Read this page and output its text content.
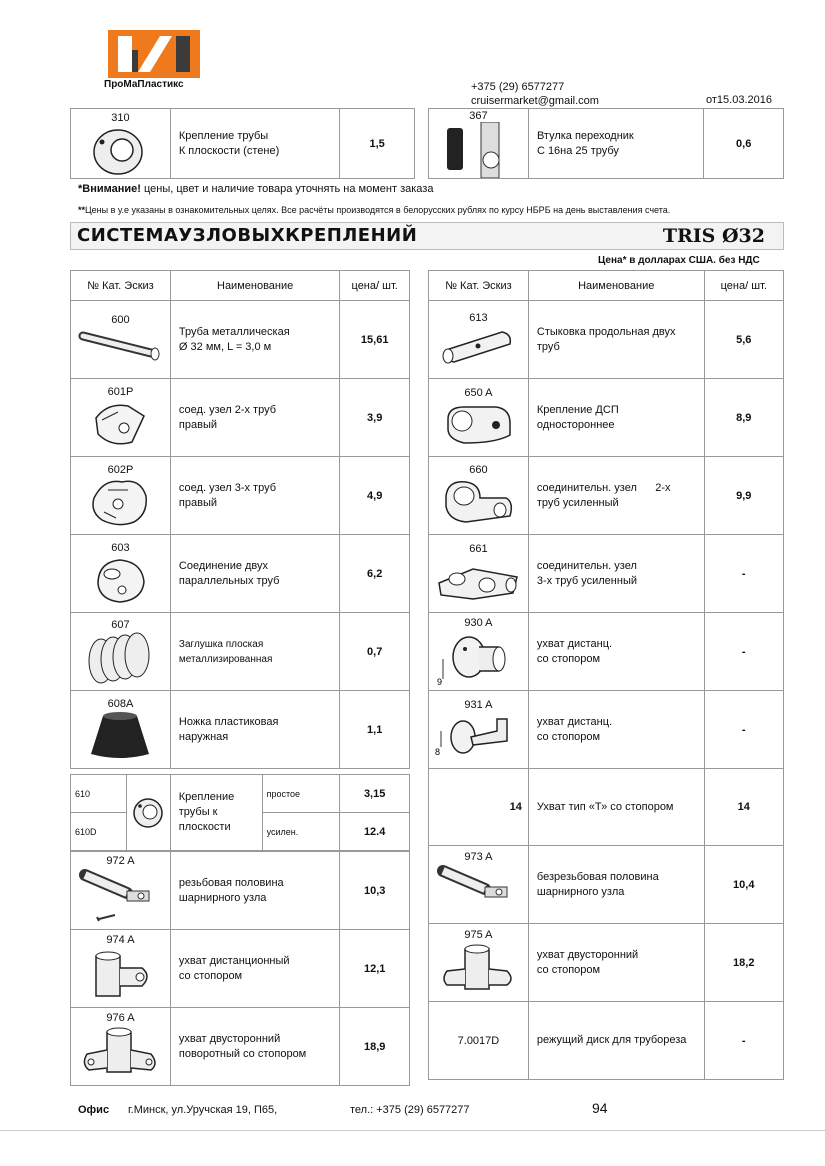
ПроМаПластикс	+375 (29) 6577277
cruisermarket@gmail.com	от15.03.2016
310
	Крепление трубы
К плоскости (стене)	1,5
367
	Втулка переходник
С 16на 25 трубу	0,6
*Внимание! цены, цвет и наличие товара уточнять на момент заказа
**Цены в у.е указаны в ознакомительных целях. Все расчёты производятся в белорусских рублях по курсу НБРБ на день выставления счета.
СИСТЕМАУЗЛОВЫХКРЕПЛЕНИЙ	TRIS Ø32
Цена* в долларах США. без НДС
№ Кат. Эскиз	Наименование	цена/ шт.

600	Труба металлическая
Ø 32 мм, L = 3,0 м	15,61

601P	соед. узел 2-х труб
правый	3,9

602P	соед. узел 3-х труб
правый	4,9

603	Соединение двух
параллельных труб	6,2

607	Заглушка плоская
металлизированная	0,7

608A	Ножка пластиковая
наружная	1,1
610		Крепление
трубы к
плоскости	простое	3,15
610D			усилен.	12.4
972 A	резьбовая половина
шарнирного узла	10,3

974 A	ухват дистанционный
со стопором	12,1

976 A	ухват двусторонний
поворотный со стопором	18,9
№ Кат. Эскиз	Наименование	цена/ шт.

613	Стыковка продольная двух
труб	5,6

650 A	Крепление ДСП
одностороннее	8,9

660	соединительн. узел      2-х
труб усиленный	9,9

661	соединительн. узел
3-х труб усиленный	-

930 A
9	ухват дистанц.
со стопором	-

931 A
8	ухват дистанц.
со стопором	-
14	Ухват тип «Т» со стопором	14

973 A	безрезьбовая половина
шарнирного узла	10,4

975 A	ухват двусторонний
со стопором	18,2
7.0017D	режущий диск для трубореза	-
Офис г.Минск, ул.Уручская 19, П65,	тел.: +375 (29) 6577277	94
